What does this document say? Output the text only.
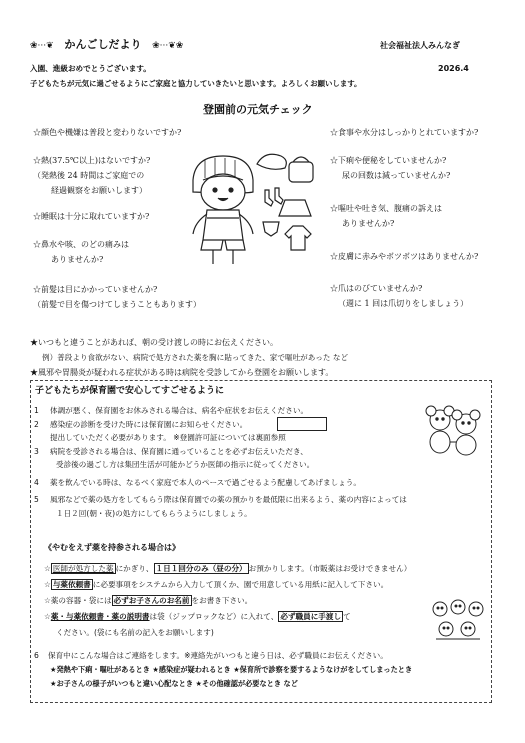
❀···❦ かんごしだより ❀···❦❀	社会福祉法人みんなぎ
2026.4
入園、進級おめでとうございます。
子どもたちが元気に過ごせるようにご家庭と協力していきたいと思います。よろしくお願いします。
登園前の元気チェック
☆顔色や機嫌は普段と変わりないですか?
☆熱(37.5℃以上)はないですか?
（発熱後 24 時間はご家庭での
経過観察をお願いします）
☆睡眠は十分に取れていますか?
☆鼻水や咳、のどの痛みは
ありませんか?
☆前髪は目にかかっていませんか?
（前髪で目を傷つけてしまうこともあります）
☆食事や水分はしっかりとれていますか?
☆下痢や便秘をしていませんか?
尿の回数は減っていませんか?
☆嘔吐や吐き気、腹痛の訴えは
ありませんか?
☆皮膚に赤みやボツボツはありませんか?
☆爪はのびていませんか?
（週に 1 回は爪切りをしましょう）
★いつもと違うことがあれば、朝の受け渡しの時にお伝えください。
例）普段より食欲がない、病院で処方された薬を胸に貼ってきた、家で嘔吐があった など
★風邪や胃腸炎が疑われる症状がある時は病院を受診してから登園をお願いします。
子どもたちが保育園で安心してすごせるように
1	体調が悪く、保育園をお休みされる場合は、病名や症状をお伝えください。
2	感染症の診断を受けた時には保育園にお知らせください。
提出していただく必要があります。 ※登園許可証については裏面参照
3	病院を受診される場合は、保育園に通っていることを必ずお伝えいただき、
受診後の過ごし方は集団生活が可能かどうか医師の指示に従ってください。
4	薬を飲んでいる時は、なるべく家庭で本人のペースで過ごせるよう配慮してあげましょう。
5	風邪などで薬の処方をしてもらう際は保育園での薬の預かりを最低限に出来るよう、薬の内容によっては
１日２回(朝・夜)の処方にしてもらうようにしましょう。
《やむをえず薬を持参される場合は》
☆ 医師が処方した薬 にかぎり、 １日１回分のみ（昼の分） お預かりします。（市販薬はお受けできません）
☆ 与薬依頼書 に必要事項をシステムから入力して頂くか、園で用意している用紙に記入して下さい。
☆薬の容器・袋には 必ずお子さんのお名前 をお書き下さい。
☆薬・与薬依頼書・薬の説明書は袋（ジップロックなど）に入れて、 必ず職員に手渡し て
ください。(袋にも名前の記入をお願いします)
6	保育中にこんな場合はご連絡をします。※連絡先がいつもと違う日は、必ず職員にお伝えください。
★発熱や下痢・嘔吐があるとき ★感染症が疑われるとき ★保育所で診察を要するようなけがをしてしまったとき
★お子さんの様子がいつもと違い心配なとき ★その他確認が必要なとき など
